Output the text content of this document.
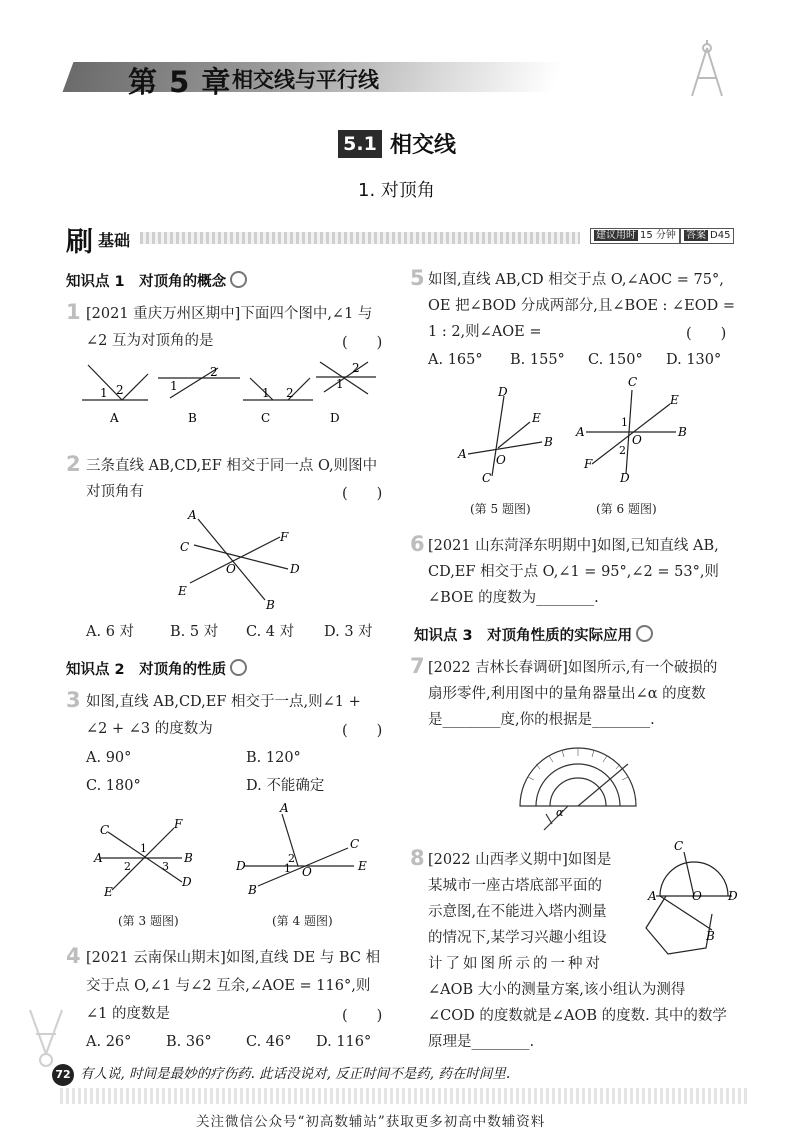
第 5 章 相交线与平行线
5.1 相交线
1. 对顶角
刷 基础	建议用时 15 分钟	答案 D45
知识点 1　对顶角的概念
1 [2021 重庆万州区期中]下面四个图中,∠1 与
∠2 互为对顶角的是	(　　)
1 2	1
2
1 2
1
2
A	B	C	D
2 三条直线 AB,CD,EF 相交于同一点 O,则图中
对顶角有	(　　)
A
B
C
D
E
F
O
A. 6 对 B. 5 对 C. 4 对 D. 3 对
知识点 2　对顶角的性质
3 如图,直线 AB,CD,EF 相交于一点,则∠1 +
∠2 + ∠3 的度数为	(　　)
A. 90°	B. 120°
C. 180°	D. 不能确定
C	F
A	B
E
D
1
2	3
A
D	E
B
C
O
2
1
(第 3 题图)	(第 4 题图)
4 [2021 云南保山期末]如图,直线 DE 与 BC 相
交于点 O,∠1 与∠2 互余,∠AOE = 116°,则
∠1 的度数是	(　　)
A. 26° B. 36° C. 46° D. 116°
5 如图,直线 AB,CD 相交于点 O,∠AOC = 75°,
OE 把∠BOD 分成两部分,且∠BOE : ∠EOD =
1 : 2,则∠AOE =	(　　)
A. 165° B. 155° C. 150° D. 130°
D
E
A
B
O
C
C
E
A	B
F
D
O
1
2
(第 5 题图)	(第 6 题图)
6 [2021 山东菏泽东明期中]如图,已知直线 AB,
CD,EF 相交于点 O,∠1 = 95°,∠2 = 53°,则
∠BOE 的度数为________.
知识点 3　对顶角性质的实际应用
7 [2022 吉林长春调研]如图所示,有一个破损的
扇形零件,利用图中的量角器量出∠α 的度数
是________度,你的根据是________.
α
8 [2022 山西孝义期中]如图是
某城市一座古塔底部平面的
示意图,在不能进入塔内测量
的情况下,某学习兴趣小组设
计了如图所示的一种对
∠AOB 大小的测量方案,该小组认为测得
∠COD 的度数就是∠AOB 的度数. 其中的数学
原理是________.
C
A	O D
B
72 有人说, 时间是最妙的疗伤药. 此话没说对, 反正时间不是药, 药在时间里.
关注微信公众号“初高数辅站”获取更多初高中数辅资料
